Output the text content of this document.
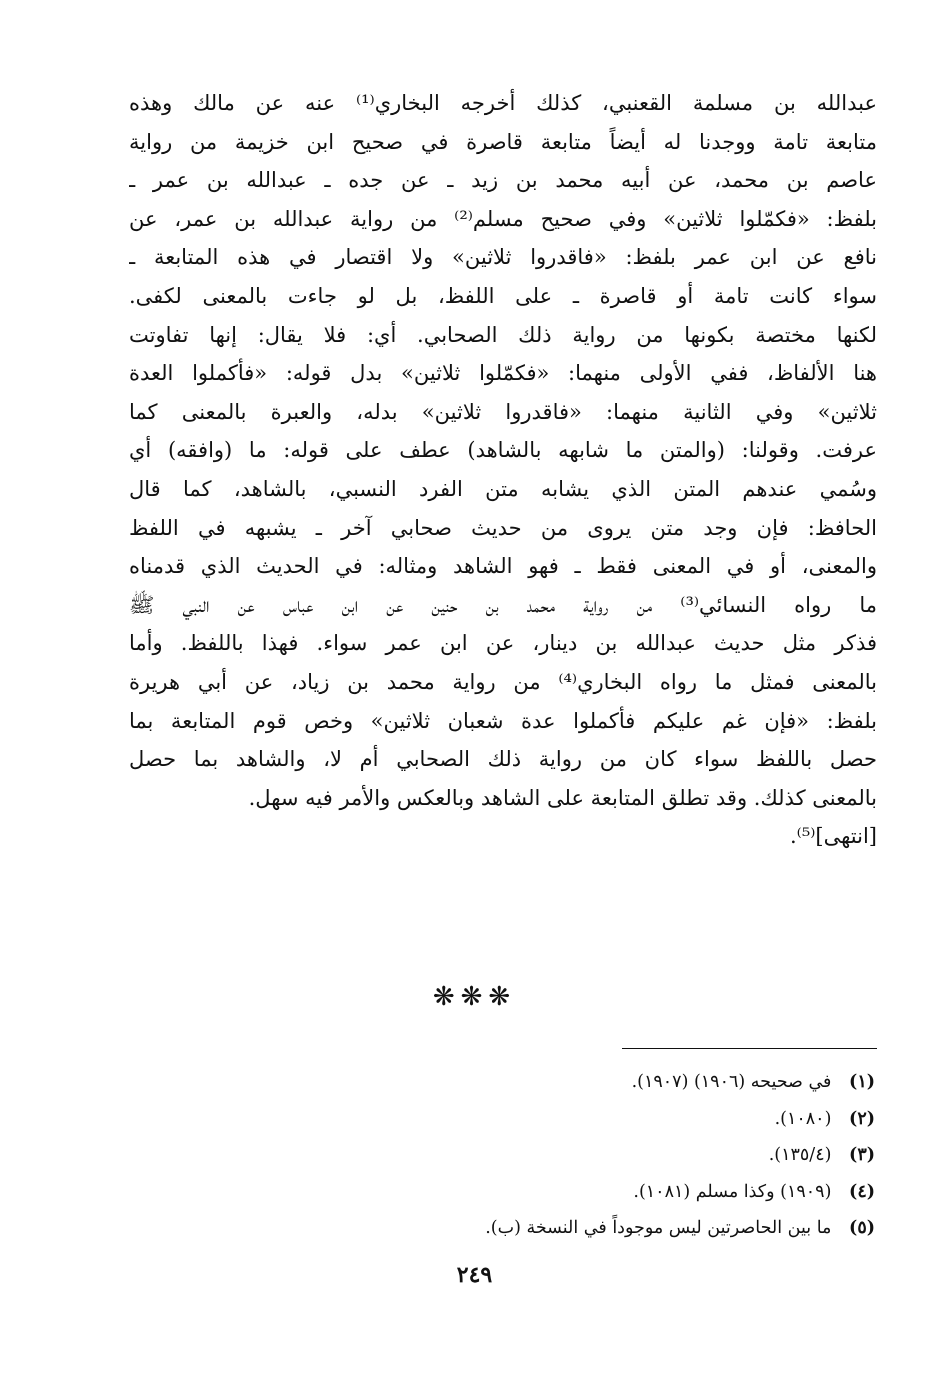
عبدالله بن مسلمة القعنبي، كذلك أخرجه البخاري⁽¹⁾ عنه عن مالك وهذه
متابعة تامة ووجدنا له أيضاً متابعة قاصرة في صحيح ابن خزيمة من رواية
عاصم بن محمد، عن أبيه محمد بن زيد ـ عن جده ـ عبدالله بن عمر ـ
بلفظ: «فكمّلوا ثلاثين» وفي صحيح مسلم⁽²⁾ من رواية عبدالله بن عمر، عن
نافع عن ابن عمر بلفظ: «فاقدروا ثلاثين» ولا اقتصار في هذه المتابعة ـ
سواء كانت تامة أو قاصرة ـ على اللفظ، بل لو جاءت بالمعنى لكفى.
لكنها مختصة بكونها من رواية ذلك الصحابي. أي: فلا يقال: إنها تفاوتت
هنا الألفاظ، ففي الأولى منهما: «فكمّلوا ثلاثين» بدل قوله: «فأكملوا العدة
ثلاثين» وفي الثانية منهما: «فاقدروا ثلاثين» بدله، والعبرة بالمعنى كما
عرفت. وقولنا: (والمتن ما شابهه بالشاهد) عطف على قوله: ما (وافقه) أي
وسُمي عندهم المتن الذي يشابه متن الفرد النسبي، بالشاهد، كما قال
الحافظ: فإن وجد متن يروى من حديث صحابي آخر ـ يشبهه في اللفظ
والمعنى، أو في المعنى فقط ـ فهو الشاهد ومثاله: في الحديث الذي قدمناه
ما رواه النسائي⁽³⁾ من رواية محمد بن حنين عن ابن عباس عن النبي ﷺ
فذكر مثل حديث عبدالله بن دينار، عن ابن عمر سواء. فهذا باللفظ. وأما
بالمعنى فمثل ما رواه البخاري⁽⁴⁾ من رواية محمد بن زياد، عن أبي هريرة
بلفظ: «فإن غم عليكم فأكملوا عدة شعبان ثلاثين» وخص قوم المتابعة بما
حصل باللفظ سواء كان من رواية ذلك الصحابي أم لا، والشاهد بما حصل
بالمعنى كذلك. وقد تطلق المتابعة على الشاهد وبالعكس والأمر فيه سهل.
[انتهى]⁽⁵⁾.
❋❋❋
(١) في صحيحه (١٩٠٦) (١٩٠٧).
(٢) (١٠٨٠).
(٣) (١٣٥/٤).
(٤) (١٩٠٩) وكذا مسلم (١٠٨١).
(٥) ما بين الحاصرتين ليس موجوداً في النسخة (ب).
٢٤٩
